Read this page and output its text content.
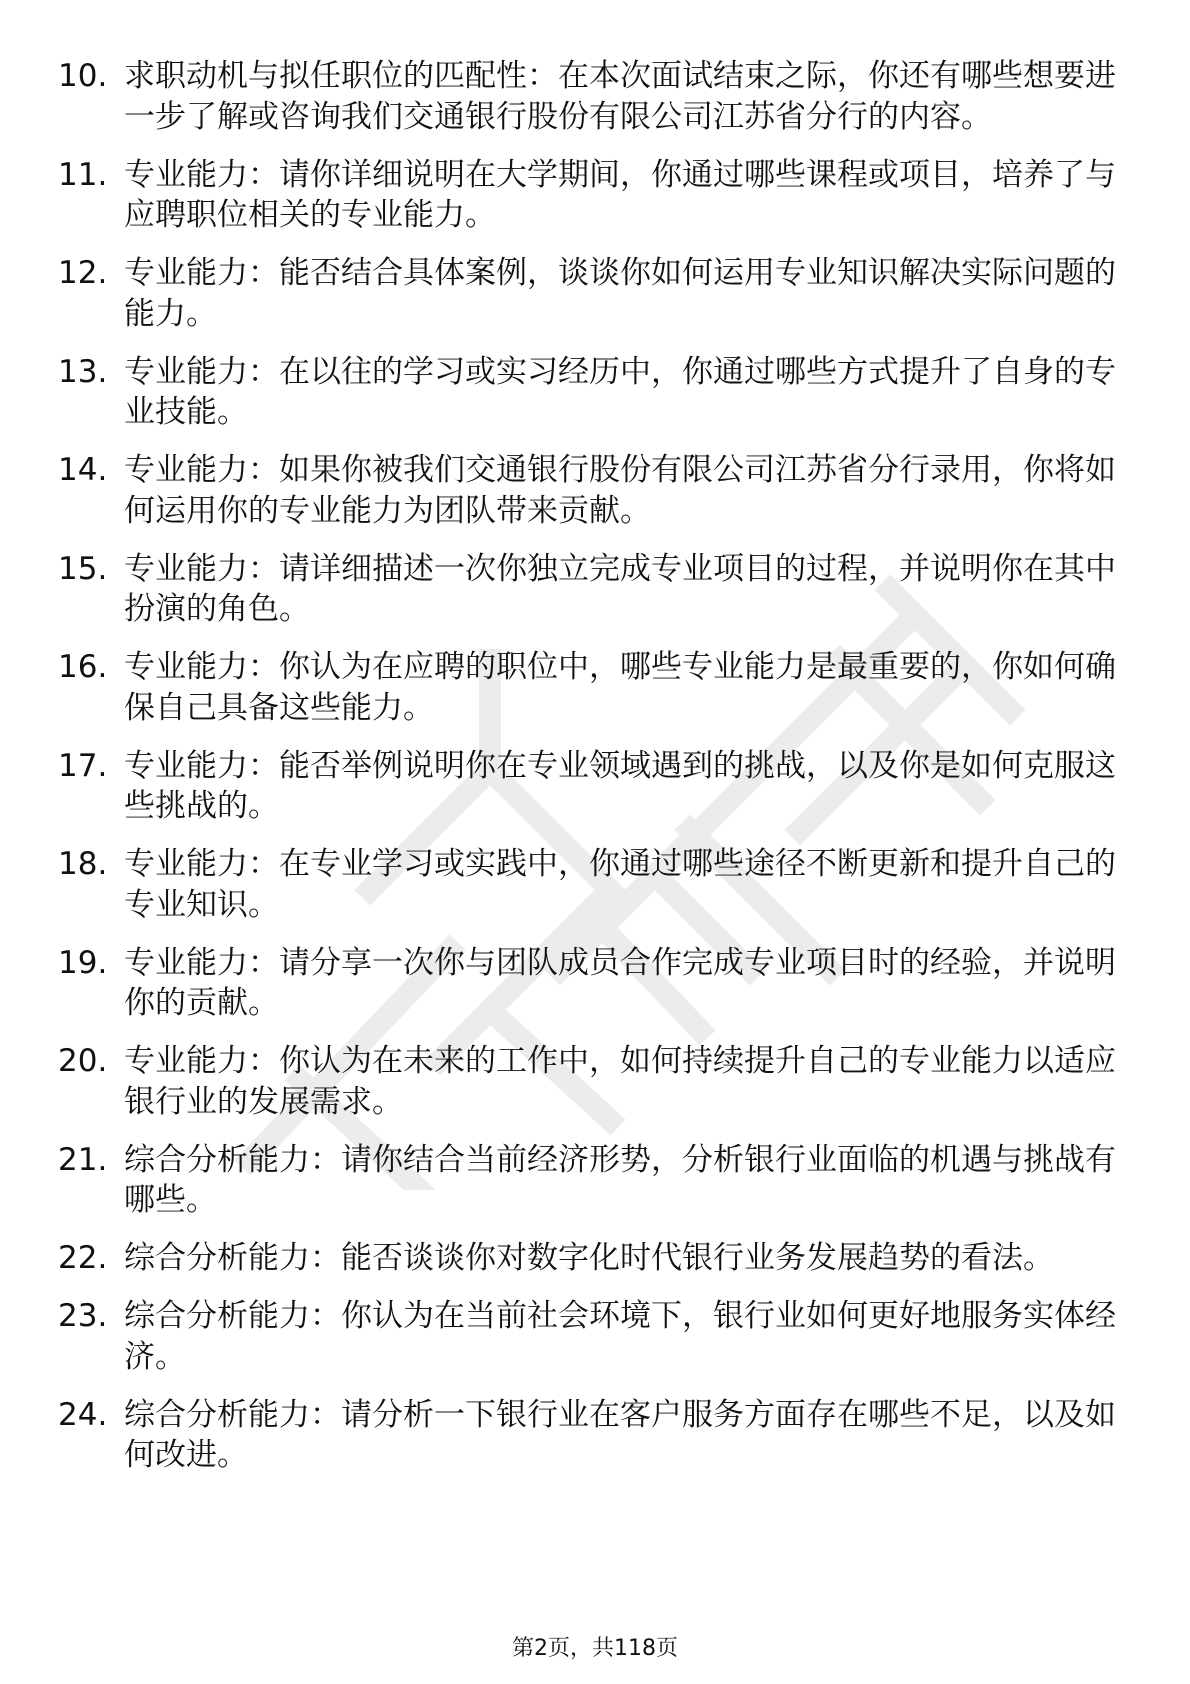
10. 求职动机与拟任职位的匹配性：在本次面试结束之际，你还有哪些想要进一步了解或咨询我们交通银行股份有限公司江苏省分行的内容。
11. 专业能力：请你详细说明在大学期间，你通过哪些课程或项目，培养了与应聘职位相关的专业能力。
12. 专业能力：能否结合具体案例，谈谈你如何运用专业知识解决实际问题的能力。
13. 专业能力：在以往的学习或实习经历中，你通过哪些方式提升了自身的专业技能。
14. 专业能力：如果你被我们交通银行股份有限公司江苏省分行录用，你将如何运用你的专业能力为团队带来贡献。
15. 专业能力：请详细描述一次你独立完成专业项目的过程，并说明你在其中扮演的角色。
16. 专业能力：你认为在应聘的职位中，哪些专业能力是最重要的，你如何确保自己具备这些能力。
17. 专业能力：能否举例说明你在专业领域遇到的挑战，以及你是如何克服这些挑战的。
18. 专业能力：在专业学习或实践中，你通过哪些途径不断更新和提升自己的专业知识。
19. 专业能力：请分享一次你与团队成员合作完成专业项目时的经验，并说明你的贡献。
20. 专业能力：你认为在未来的工作中，如何持续提升自己的专业能力以适应银行业的发展需求。
21. 综合分析能力：请你结合当前经济形势，分析银行业面临的机遇与挑战有哪些。
22. 综合分析能力：能否谈谈你对数字化时代银行业务发展趋势的看法。
23. 综合分析能力：你认为在当前社会环境下，银行业如何更好地服务实体经济。
24. 综合分析能力：请分析一下银行业在客户服务方面存在哪些不足，以及如何改进。
第2页，共118页
